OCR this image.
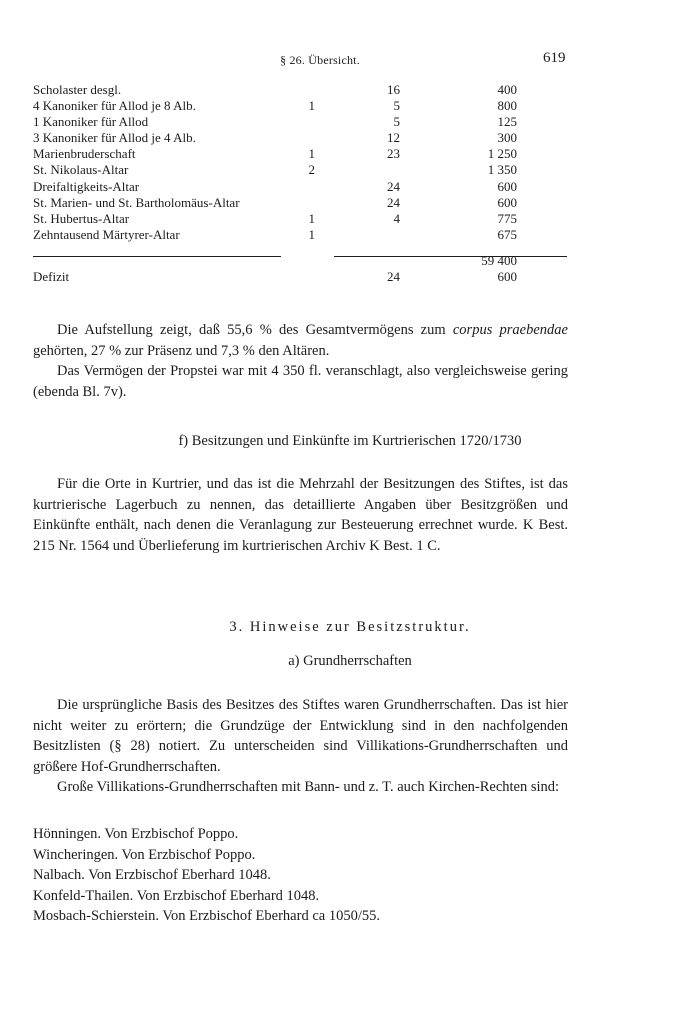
§ 26. Übersicht.	619
Scholaster desgl.		16	400
4 Kanoniker für Allod je 8 Alb.	1	5	800
1 Kanoniker für Allod		5	125
3 Kanoniker für Allod je 4 Alb.		12	300
Marienbruderschaft	1	23	1 250
St. Nikolaus-Altar	2		1 350
Dreifaltigkeits-Altar		24	600
St. Marien- und St. Bartholomäus-Altar		24	600
St. Hubertus-Altar	1	4	775
Zehntausend Märtyrer-Altar	1		675

			59 400
Defizit		24	600

Die Aufstellung zeigt, daß 55,6 % des Gesamtvermögens zum corpus praebendae gehörten, 27 % zur Präsenz und 7,3 % den Altären.

Das Vermögen der Propstei war mit 4 350 fl. veranschlagt, also vergleichsweise gering (ebenda Bl. 7v).

f) Besitzungen und Einkünfte im Kurtrierischen 1720/1730

Für die Orte in Kurtrier, und das ist die Mehrzahl der Besitzungen des Stiftes, ist das kurtrierische Lagerbuch zu nennen, das detaillierte Angaben über Besitzgrößen und Einkünfte enthält, nach denen die Veranlagung zur Besteuerung errechnet wurde. K Best. 215 Nr. 1564 und Überlieferung im kurtrierischen Archiv K Best. 1 C.

3. Hinweise zur Besitzstruktur.

a) Grundherrschaften

Die ursprüngliche Basis des Besitzes des Stiftes waren Grundherrschaften. Das ist hier nicht weiter zu erörtern; die Grundzüge der Entwicklung sind in den nachfolgenden Besitzlisten (§ 28) notiert. Zu unterscheiden sind Villikations-Grundherrschaften und größere Hof-Grundherrschaften.

Große Villikations-Grundherrschaften mit Bann- und z. T. auch Kirchen-Rechten sind:

Hönningen. Von Erzbischof Poppo.
Wincheringen. Von Erzbischof Poppo.
Nalbach. Von Erzbischof Eberhard 1048.
Konfeld-Thailen. Von Erzbischof Eberhard 1048.
Mosbach-Schierstein. Von Erzbischof Eberhard ca 1050/55.
